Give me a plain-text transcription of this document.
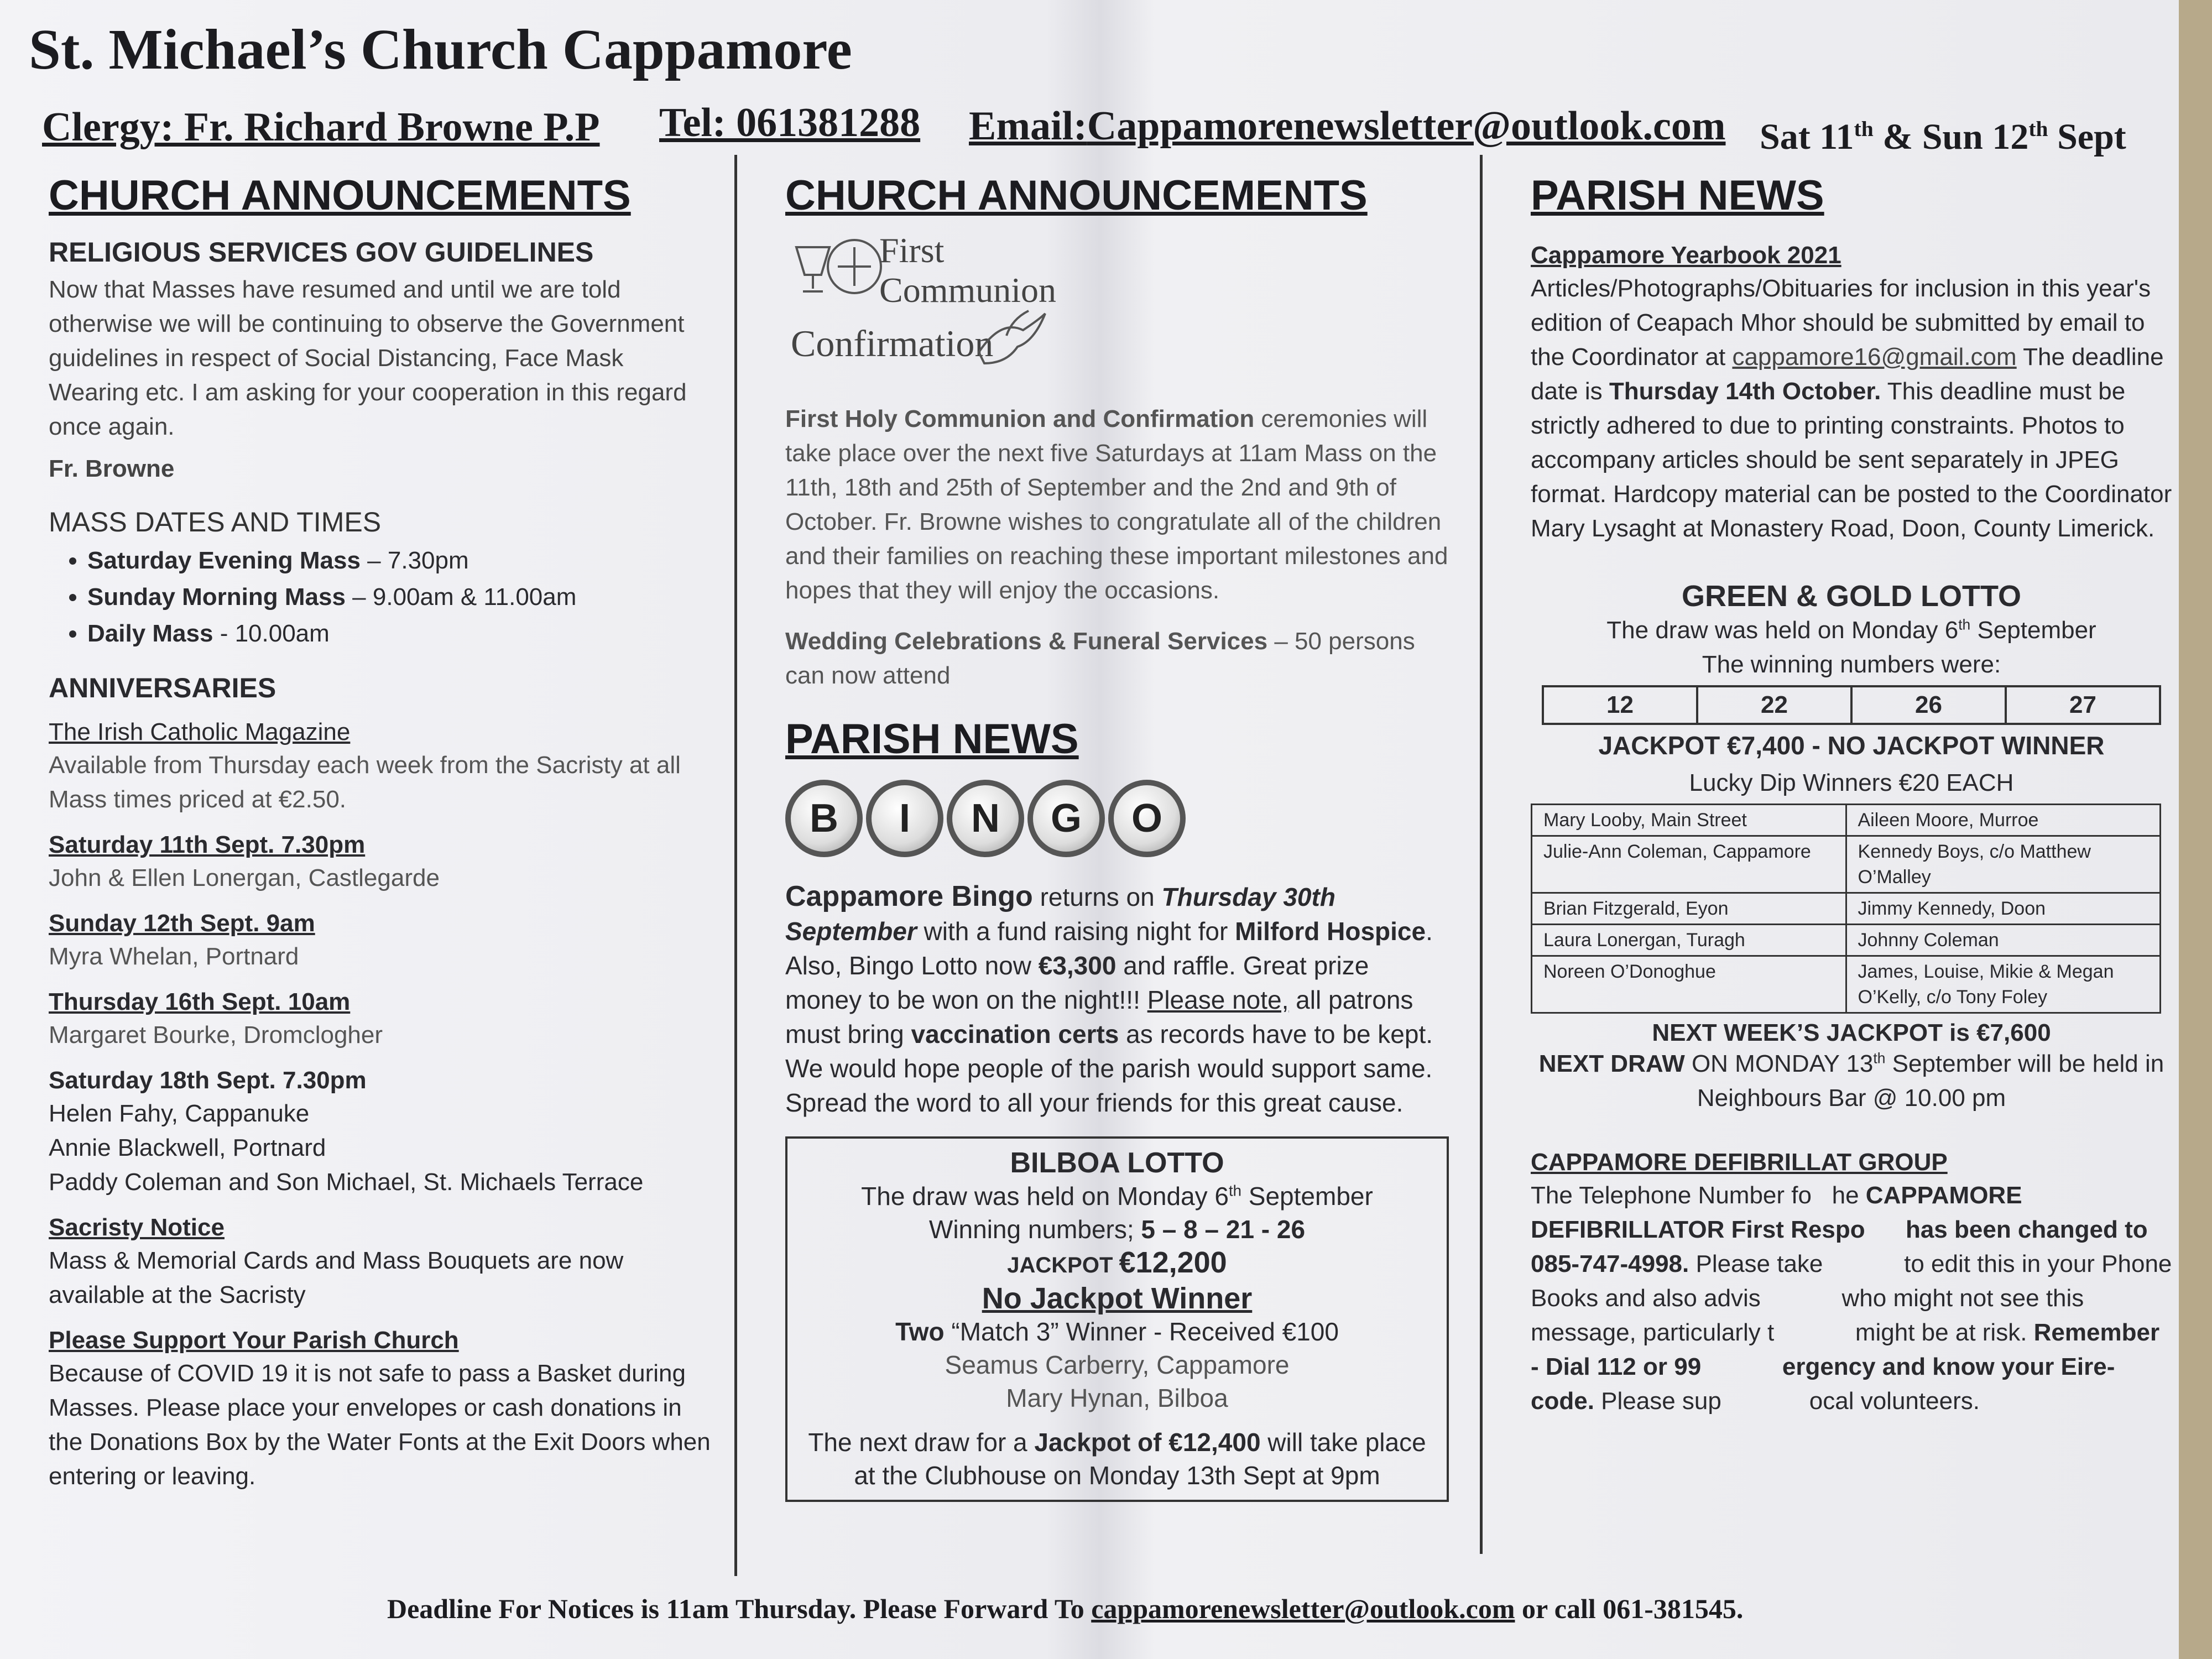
St. Michael’s Church Cappamore
Clergy: Fr. Richard Browne P.P Tel: 061381288 Email:Cappamorenewsletter@outlook.com Sat 11th & Sun 12th Sept
CHURCH ANNOUNCEMENTS
RELIGIOUS SERVICES GOV GUIDELINES

Now that Masses have resumed and until we are told otherwise we will be continuing to observe the Government guidelines in respect of Social Distancing, Face Mask Wearing etc. I am asking for your cooperation in this regard once again.

Fr. Browne
MASS DATES AND TIMES
• Saturday Evening Mass – 7.30pm
• Sunday Morning Mass – 9.00am & 11.00am
• Daily Mass - 10.00am
ANNIVERSARIES
The Irish Catholic Magazine

Available from Thursday each week from the Sacristy at all Mass times priced at €2.50.

Saturday 11th Sept. 7.30pm
John & Ellen Lonergan, Castlegarde
Sunday 12th Sept. 9am
Myra Whelan, Portnard
Thursday 16th Sept. 10am
Margaret Bourke, Dromclogher
Saturday 18th Sept. 7.30pm
Helen Fahy, Cappanuke
Annie Blackwell, Portnard
Paddy Coleman and Son Michael, St. Michaels Terrace
Sacristy Notice

Mass & Memorial Cards and Mass Bouquets are now available at the Sacristy

Please Support Your Parish Church

Because of COVID 19 it is not safe to pass a Basket during Masses. Please place your envelopes or cash donations in the Donations Box by the Water Fonts at the Exit Doors when entering or leaving.

CHURCH ANNOUNCEMENTS
First
Communion
Confirmation

First Holy Communion and Confirmation ceremonies will take place over the next five Saturdays at 11am Mass on the 11th, 18th and 25th of September and the 2nd and 9th of October. Fr. Browne wishes to congratulate all of the children and their families on reaching these important milestones and hopes that they will enjoy the occasions.

Wedding Celebrations & Funeral Services – 50 persons can now attend

PARISH NEWS
B	I	N	G	O

Cappamore Bingo returns on Thursday 30th September with a fund raising night for Milford Hospice. Also, Bingo Lotto now €3,300 and raffle. Great prize money to be won on the night!!! Please note, all patrons must bring vaccination certs as records have to be kept. We would hope people of the parish would support same. Spread the word to all your friends for this great cause.

BILBOA LOTTO
The draw was held on Monday 6th September
Winning numbers; 5 – 8 – 21 - 26
JACKPOT €12,200
No Jackpot Winner
Two “Match 3” Winner - Received €100
Seamus Carberry, Cappamore
Mary Hynan, Bilboa
The next draw for a Jackpot of €12,400 will take place at the Clubhouse on Monday 13th Sept at 9pm
PARISH NEWS
Cappamore Yearbook 2021

Articles/Photographs/Obituaries for inclusion in this year's edition of Ceapach Mhor should be submitted by email to the Coordinator at cappamore16@gmail.com The deadline date is Thursday 14th October. This deadline must be strictly adhered to due to printing constraints. Photos to accompany articles should be sent separately in JPEG format. Hardcopy material can be posted to the Coordinator Mary Lysaght at Monastery Road, Doon, County Limerick.

GREEN & GOLD LOTTO
The draw was held on Monday 6th September
The winning numbers were:
12	22	26	27
JACKPOT €7,400 - NO JACKPOT WINNER
Lucky Dip Winners €20 EACH
Mary Looby, Main Street	Aileen Moore, Murroe
Julie-Ann Coleman, Cappamore	Kennedy Boys, c/o Matthew O’Malley
Brian Fitzgerald, Eyon	Jimmy Kennedy, Doon
Laura Lonergan, Turagh	Johnny Coleman
Noreen O’Donoghue	James, Louise, Mikie & Megan O’Kelly, c/o Tony Foley
NEXT WEEK’S JACKPOT is €7,600
NEXT DRAW ON MONDAY 13th September will be held in Neighbours Bar @ 10.00 pm
CAPPAMORE DEFIBRILLAT GROUP

The Telephone Number fo   he CAPPAMORE DEFIBRILLATOR First Respo      has been changed to 085-747-4998. Please take            to edit this in your Phone Books and also advis            who might not see this message, particularly t            might be at risk. Remember - Dial 112 or 99            ergency and know your Eire-code. Please sup             ocal volunteers.

Deadline For Notices is 11am Thursday. Please Forward To cappamorenewsletter@outlook.com or call 061-381545.
